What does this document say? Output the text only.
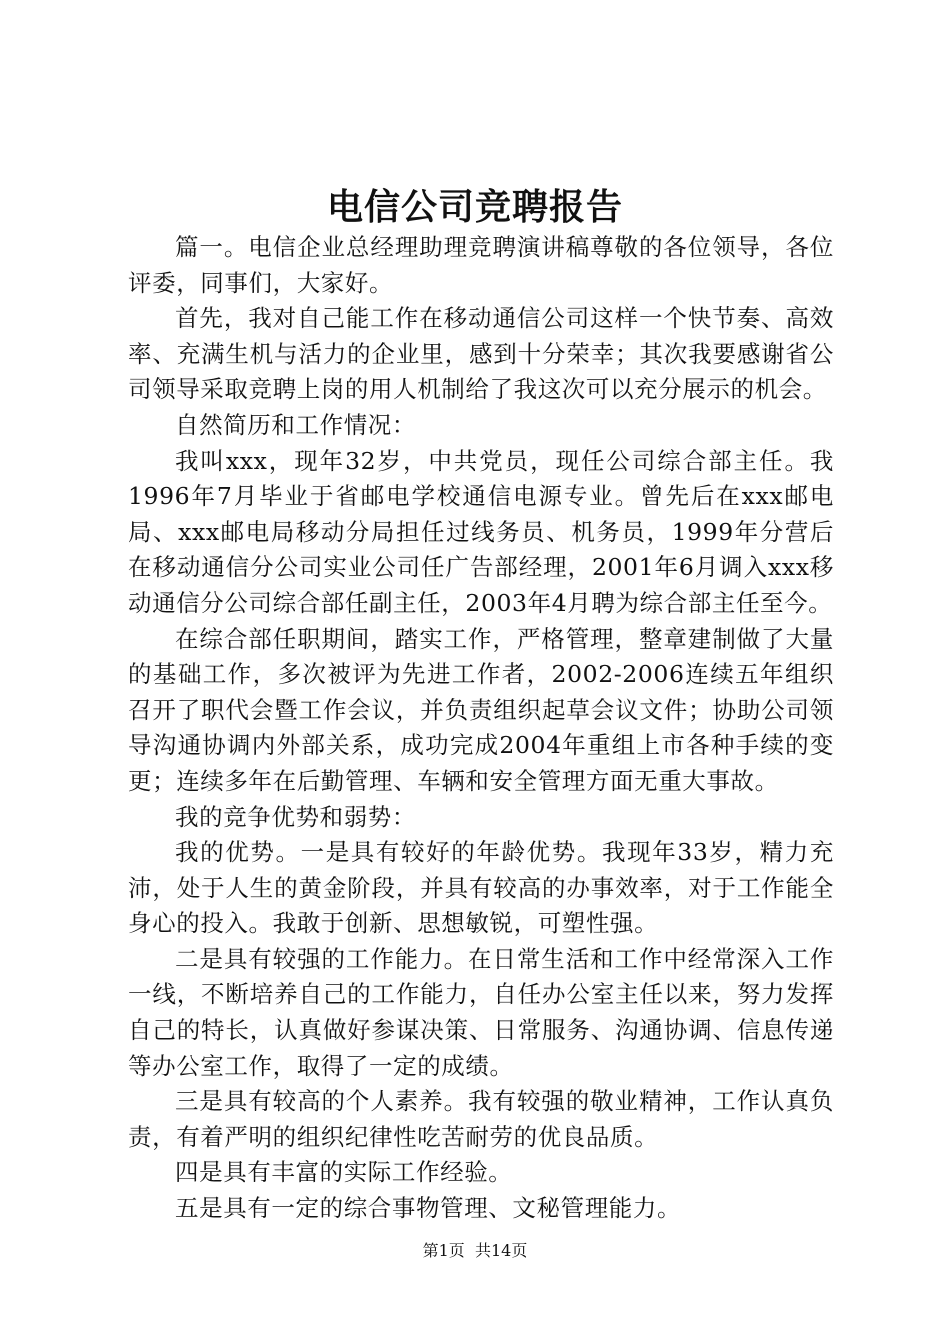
电信公司竞聘报告

篇一。电信企业总经理助理竞聘演讲稿尊敬的各位领导，各位评委，同事们，大家好。

首先，我对自己能工作在移动通信公司这样一个快节奏、高效率、充满生机与活力的企业里，感到十分荣幸；其次我要感谢省公司领导采取竞聘上岗的用人机制给了我这次可以充分展示的机会。

自然简历和工作情况：

我叫xxx，现年32岁，中共党员，现任公司综合部主任。我1996年7月毕业于省邮电学校通信电源专业。曾先后在xxx邮电局、xxx邮电局移动分局担任过线务员、机务员，1999年分营后在移动通信分公司实业公司任广告部经理，2001年6月调入xxx移动通信分公司综合部任副主任，2003年4月聘为综合部主任至今。

在综合部任职期间，踏实工作，严格管理，整章建制做了大量的基础工作，多次被评为先进工作者，2002-2006连续五年组织召开了职代会暨工作会议，并负责组织起草会议文件；协助公司领导沟通协调内外部关系，成功完成2004年重组上市各种手续的变更；连续多年在后勤管理、车辆和安全管理方面无重大事故。

我的竞争优势和弱势：

我的优势。一是具有较好的年龄优势。我现年33岁，精力充沛，处于人生的黄金阶段，并具有较高的办事效率，对于工作能全身心的投入。我敢于创新、思想敏锐，可塑性强。

二是具有较强的工作能力。在日常生活和工作中经常深入工作一线，不断培养自己的工作能力，自任办公室主任以来，努力发挥自己的特长，认真做好参谋决策、日常服务、沟通协调、信息传递等办公室工作，取得了一定的成绩。

三是具有较高的个人素养。我有较强的敬业精神，工作认真负责，有着严明的组织纪律性吃苦耐劳的优良品质。

四是具有丰富的实际工作经验。

五是具有一定的综合事物管理、文秘管理能力。

第1页 共14页
